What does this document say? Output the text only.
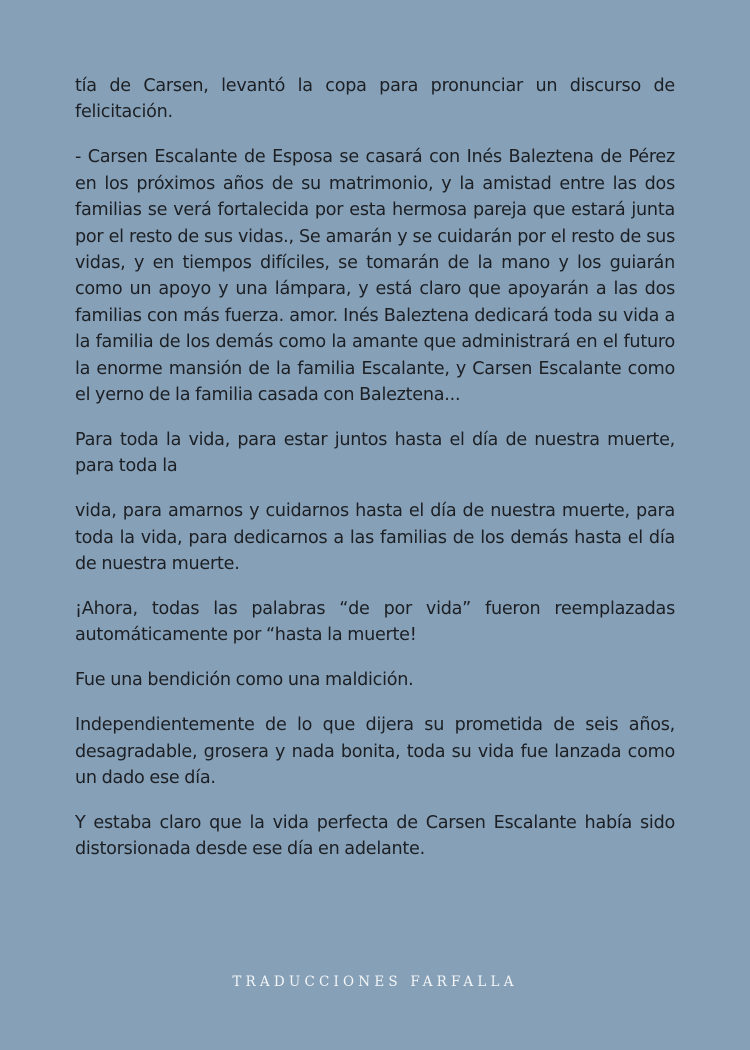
tía de Carsen, levantó la copa para pronunciar un discurso de felicitación.

- Carsen Escalante de Esposa se casará con Inés Baleztena de Pérez en los próximos años de su matrimonio, y la amistad entre las dos familias se verá fortalecida por esta hermosa pareja que estará junta por el resto de sus vidas., Se amarán y se cuidarán por el resto de sus vidas, y en tiempos difíciles, se tomarán de la mano y los guiarán como un apoyo y una lámpara, y está claro que apoyarán a las dos familias con más fuerza. amor. Inés Baleztena dedicará toda su vida a la familia de los demás como la amante que administrará en el futuro la enorme mansión de la familia Escalante, y Carsen Escalante como el yerno de la familia casada con Baleztena...

Para toda la vida, para estar juntos hasta el día de nuestra muerte, para toda la

vida, para amarnos y cuidarnos hasta el día de nuestra muerte, para toda la vida, para dedicarnos a las familias de los demás hasta el día de nuestra muerte.

¡Ahora, todas las palabras “de por vida” fueron reemplazadas automáticamente por “hasta la muerte!

Fue una bendición como una maldición.

Independientemente de lo que dijera su prometida de seis años, desagradable, grosera y nada bonita, toda su vida fue lanzada como un dado ese día.

Y estaba claro que la vida perfecta de Carsen Escalante había sido distorsionada desde ese día en adelante.

TRADUCCIONES FARFALLA
